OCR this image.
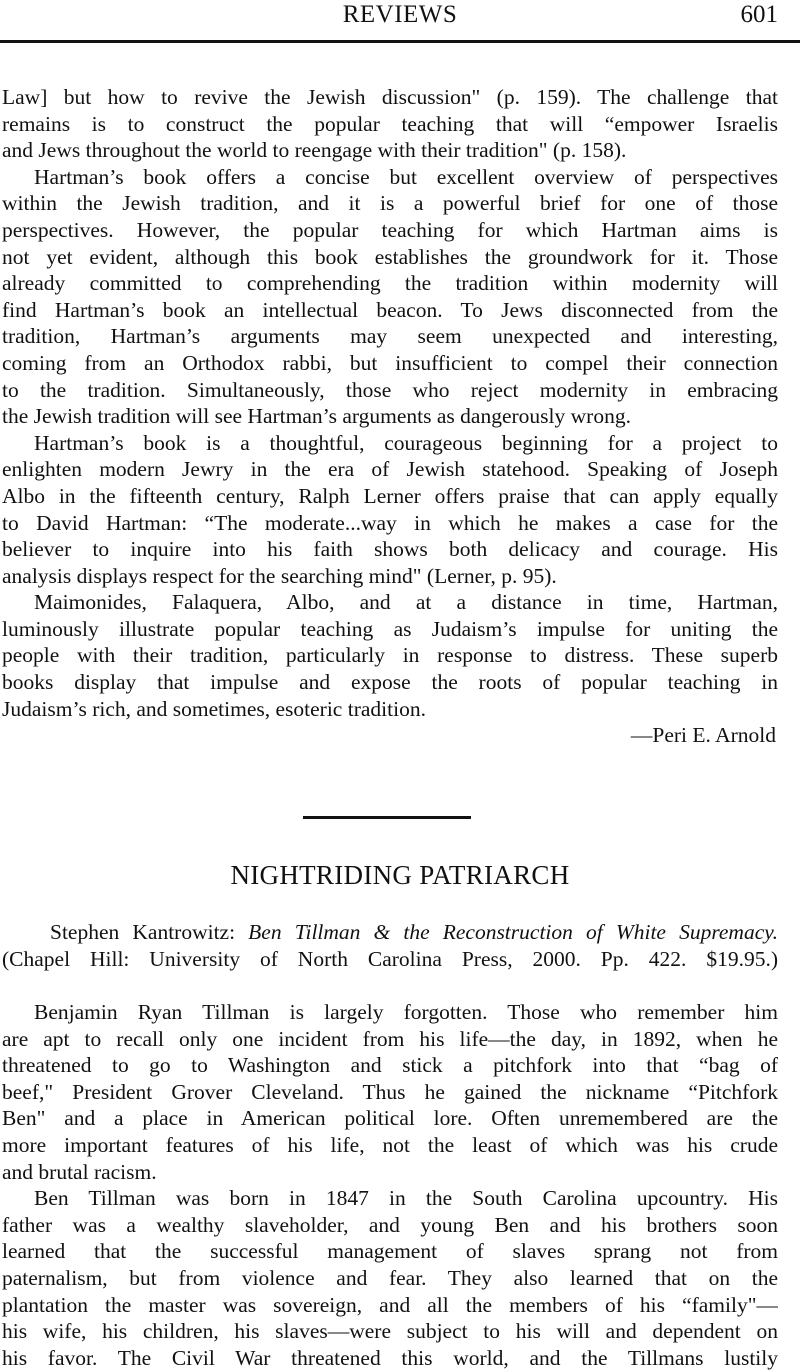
REVIEWS	601
Law] but how to revive the Jewish discussion" (p. 159). The challenge that
remains is to construct the popular teaching that will “empower Israelis
and Jews throughout the world to reengage with their tradition" (p. 158).
Hartman’s book offers a concise but excellent overview of perspectives
within the Jewish tradition, and it is a powerful brief for one of those
perspectives. However, the popular teaching for which Hartman aims is
not yet evident, although this book establishes the groundwork for it. Those
already committed to comprehending the tradition within modernity will
find Hartman’s book an intellectual beacon. To Jews disconnected from the
tradition, Hartman’s arguments may seem unexpected and interesting,
coming from an Orthodox rabbi, but insufficient to compel their connection
to the tradition. Simultaneously, those who reject modernity in embracing
the Jewish tradition will see Hartman’s arguments as dangerously wrong.
Hartman’s book is a thoughtful, courageous beginning for a project to
enlighten modern Jewry in the era of Jewish statehood. Speaking of Joseph
Albo in the fifteenth century, Ralph Lerner offers praise that can apply equally
to David Hartman: “The moderate...way in which he makes a case for the
believer to inquire into his faith shows both delicacy and courage. His
analysis displays respect for the searching mind" (Lerner, p. 95).
Maimonides, Falaquera, Albo, and at a distance in time, Hartman,
luminously illustrate popular teaching as Judaism’s impulse for uniting the
people with their tradition, particularly in response to distress. These superb
books display that impulse and expose the roots of popular teaching in
Judaism’s rich, and sometimes, esoteric tradition.
—Peri E. Arnold
NIGHTRIDING PATRIARCH
Stephen Kantrowitz: Ben Tillman & the Reconstruction of White Supremacy.
(Chapel Hill: University of North Carolina Press, 2000. Pp. 422. $19.95.)
Benjamin Ryan Tillman is largely forgotten. Those who remember him
are apt to recall only one incident from his life—the day, in 1892, when he
threatened to go to Washington and stick a pitchfork into that “bag of
beef," President Grover Cleveland. Thus he gained the nickname “Pitchfork
Ben" and a place in American political lore. Often unremembered are the
more important features of his life, not the least of which was his crude
and brutal racism.
Ben Tillman was born in 1847 in the South Carolina upcountry. His
father was a wealthy slaveholder, and young Ben and his brothers soon
learned that the successful management of slaves sprang not from
paternalism, but from violence and fear. They also learned that on the
plantation the master was sovereign, and all the members of his “family"—
his wife, his children, his slaves—were subject to his will and dependent on
his favor. The Civil War threatened this world, and the Tillmans lustily
